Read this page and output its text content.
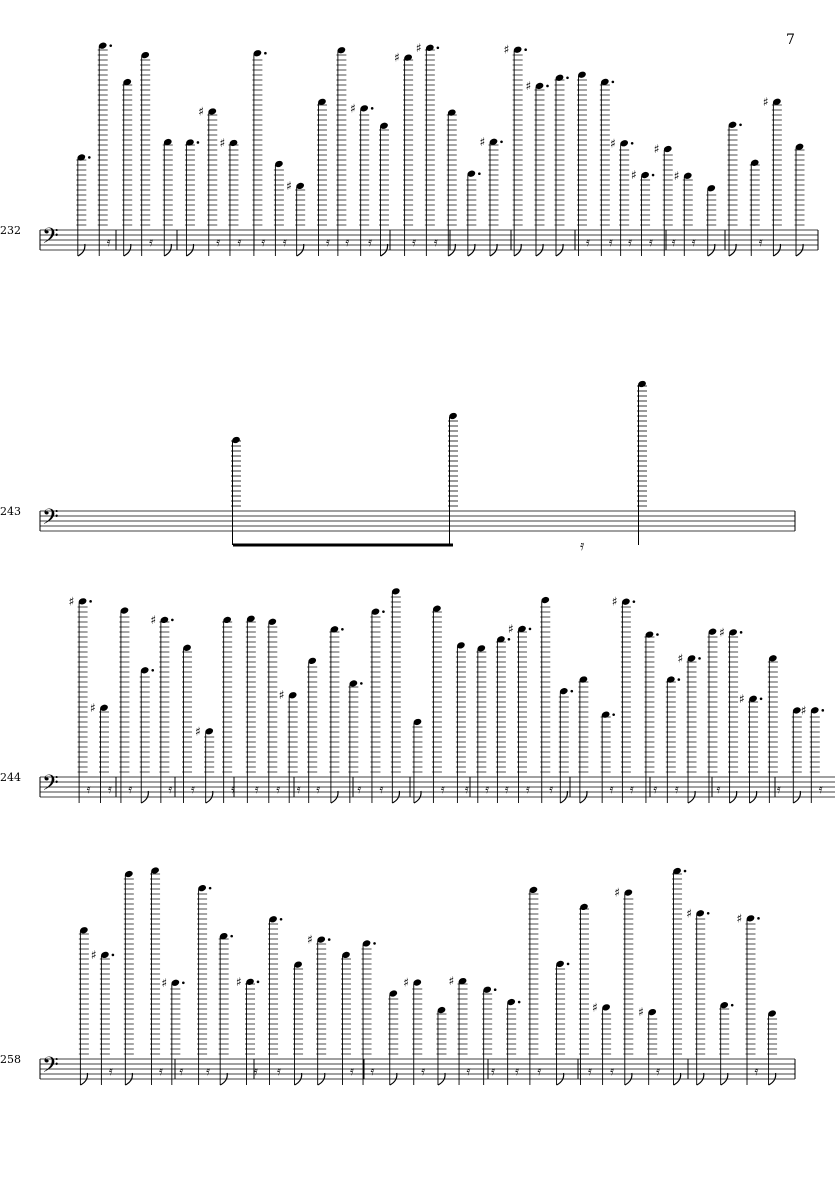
7
232
243
244
258
𝄢	𝄿	𝄿
♯
𝄿
♯
𝄿 𝄿 𝄿
♯
𝄿 𝄿
♯
𝄿
♯
𝄿
♯
𝄿
♯
♯
♯
𝄿 𝄿
♯
𝄿
♯
𝄿
♯
𝄿
♯
𝄿	𝄿
♯
𝄢
𝄿
𝄢
♯
𝄿
♯
𝄿 𝄿
♯
𝄿 𝄿
♯
𝄿 𝄿 𝄿
♯
𝄿 𝄿	𝄿 𝄿	𝄿 𝄿 𝄿 𝄿
♯
𝄿 𝄿	𝄿
♯
𝄿 𝄿 𝄿
♯
𝄿
♯
♯
𝄿
♯
𝄿
𝄢
♯
𝄿	𝄿
♯
𝄿 𝄿
♯
𝄿 𝄿
♯
𝄿 𝄿
♯
𝄿
♯
𝄿 𝄿 𝄿 𝄿	𝄿
♯
𝄿
♯
♯
𝄿
♯	♯
𝄿
